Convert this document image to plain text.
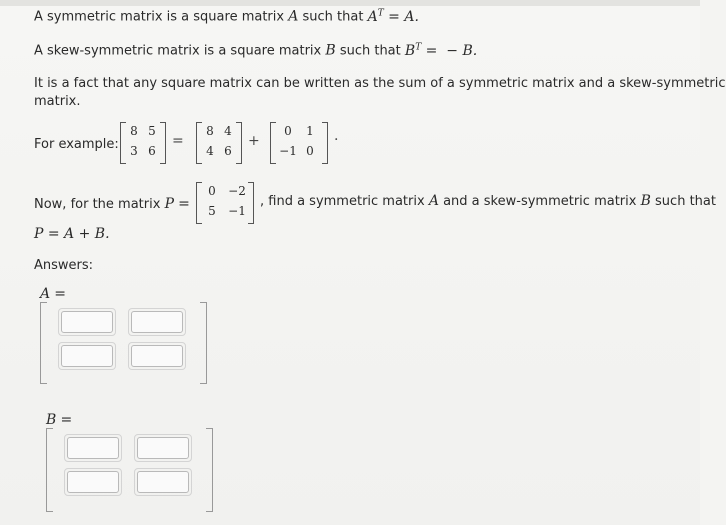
A symmetric matrix is a square matrix A such that $A^T = A$.
A skew-symmetric matrix is a square matrix B such that $B^T$ =  − B.
It is a fact that any square matrix can be written as the sum of a symmetric matrix and a skew-symmetric
matrix.
For example:
8 5
3 6
=
8 4
4 6
+
0	1
−1 0
.
Now, for the matrix P =
0	−2
5	−1
, find a symmetric matrix A and a skew-symmetric matrix B such that
P = A + B.
Answers:
A =
B =
